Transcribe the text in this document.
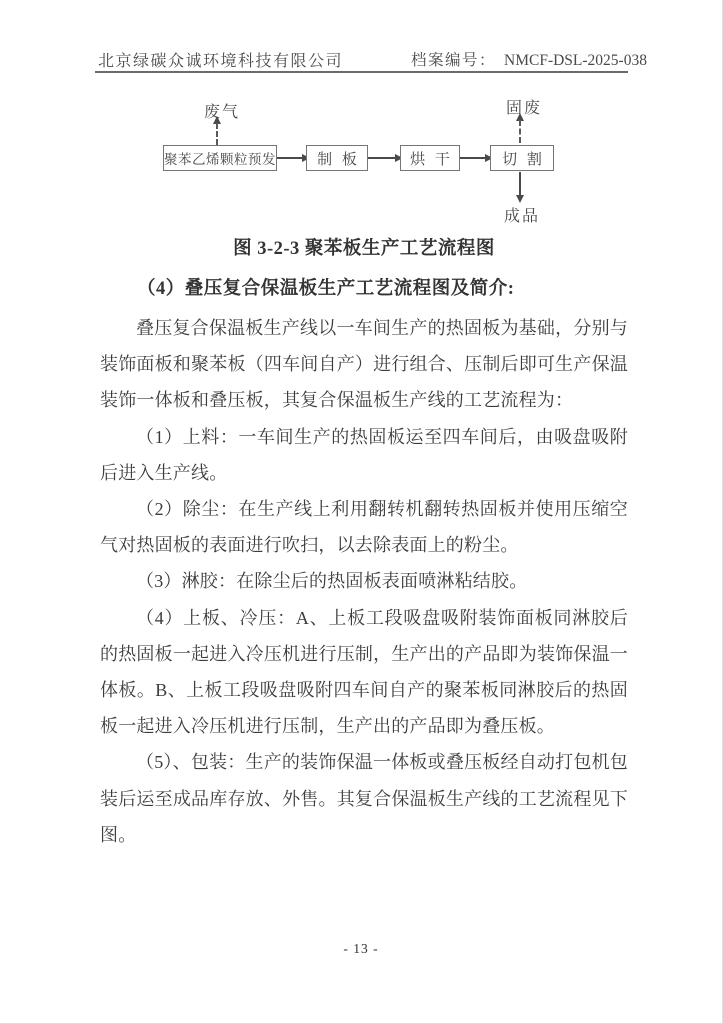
北京绿碳众诚环境科技有限公司	档案编号： NMCF-DSL-2025-038
废气
聚苯乙烯颗粒预发	制 板	烘 干	切 割
固废
成品
图 3-2-3 聚苯板生产工艺流程图
（4）叠压复合保温板生产工艺流程图及简介:

叠压复合保温板生产线以一车间生产的热固板为基础，分别与装饰面板和聚苯板（四车间自产）进行组合、压制后即可生产保温装饰一体板和叠压板，其复合保温板生产线的工艺流程为：

（1）上料：一车间生产的热固板运至四车间后，由吸盘吸附后进入生产线。

（2）除尘：在生产线上利用翻转机翻转热固板并使用压缩空气对热固板的表面进行吹扫，以去除表面上的粉尘。

（3）淋胶：在除尘后的热固板表面喷淋粘结胶。

（4）上板、冷压：A、上板工段吸盘吸附装饰面板同淋胶后的热固板一起进入冷压机进行压制，生产出的产品即为装饰保温一体板。B、上板工段吸盘吸附四车间自产的聚苯板同淋胶后的热固板一起进入冷压机进行压制，生产出的产品即为叠压板。

（5）、包装：生产的装饰保温一体板或叠压板经自动打包机包装后运至成品库存放、外售。其复合保温板生产线的工艺流程见下图。

- 13 -
